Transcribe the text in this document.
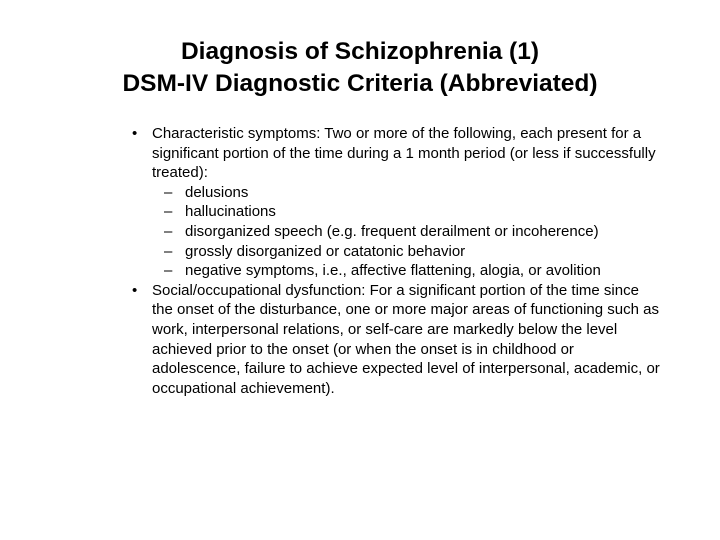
Diagnosis of Schizophrenia (1)
DSM-IV Diagnostic Criteria (Abbreviated)
• Characteristic symptoms: Two or more of the following, each present for a significant portion of the time during a 1 month period (or less if successfully treated):
– delusions
– hallucinations
– disorganized speech (e.g. frequent derailment or incoherence)
– grossly disorganized or catatonic behavior
– negative symptoms, i.e., affective flattening, alogia, or avolition
• Social/occupational dysfunction: For a significant portion of the time since the onset of the disturbance, one or more major areas of functioning such as work, interpersonal relations, or self-care are markedly below the level achieved prior to the onset (or when the onset is in childhood or adolescence, failure to achieve expected level of interpersonal, academic, or occupational achievement).
